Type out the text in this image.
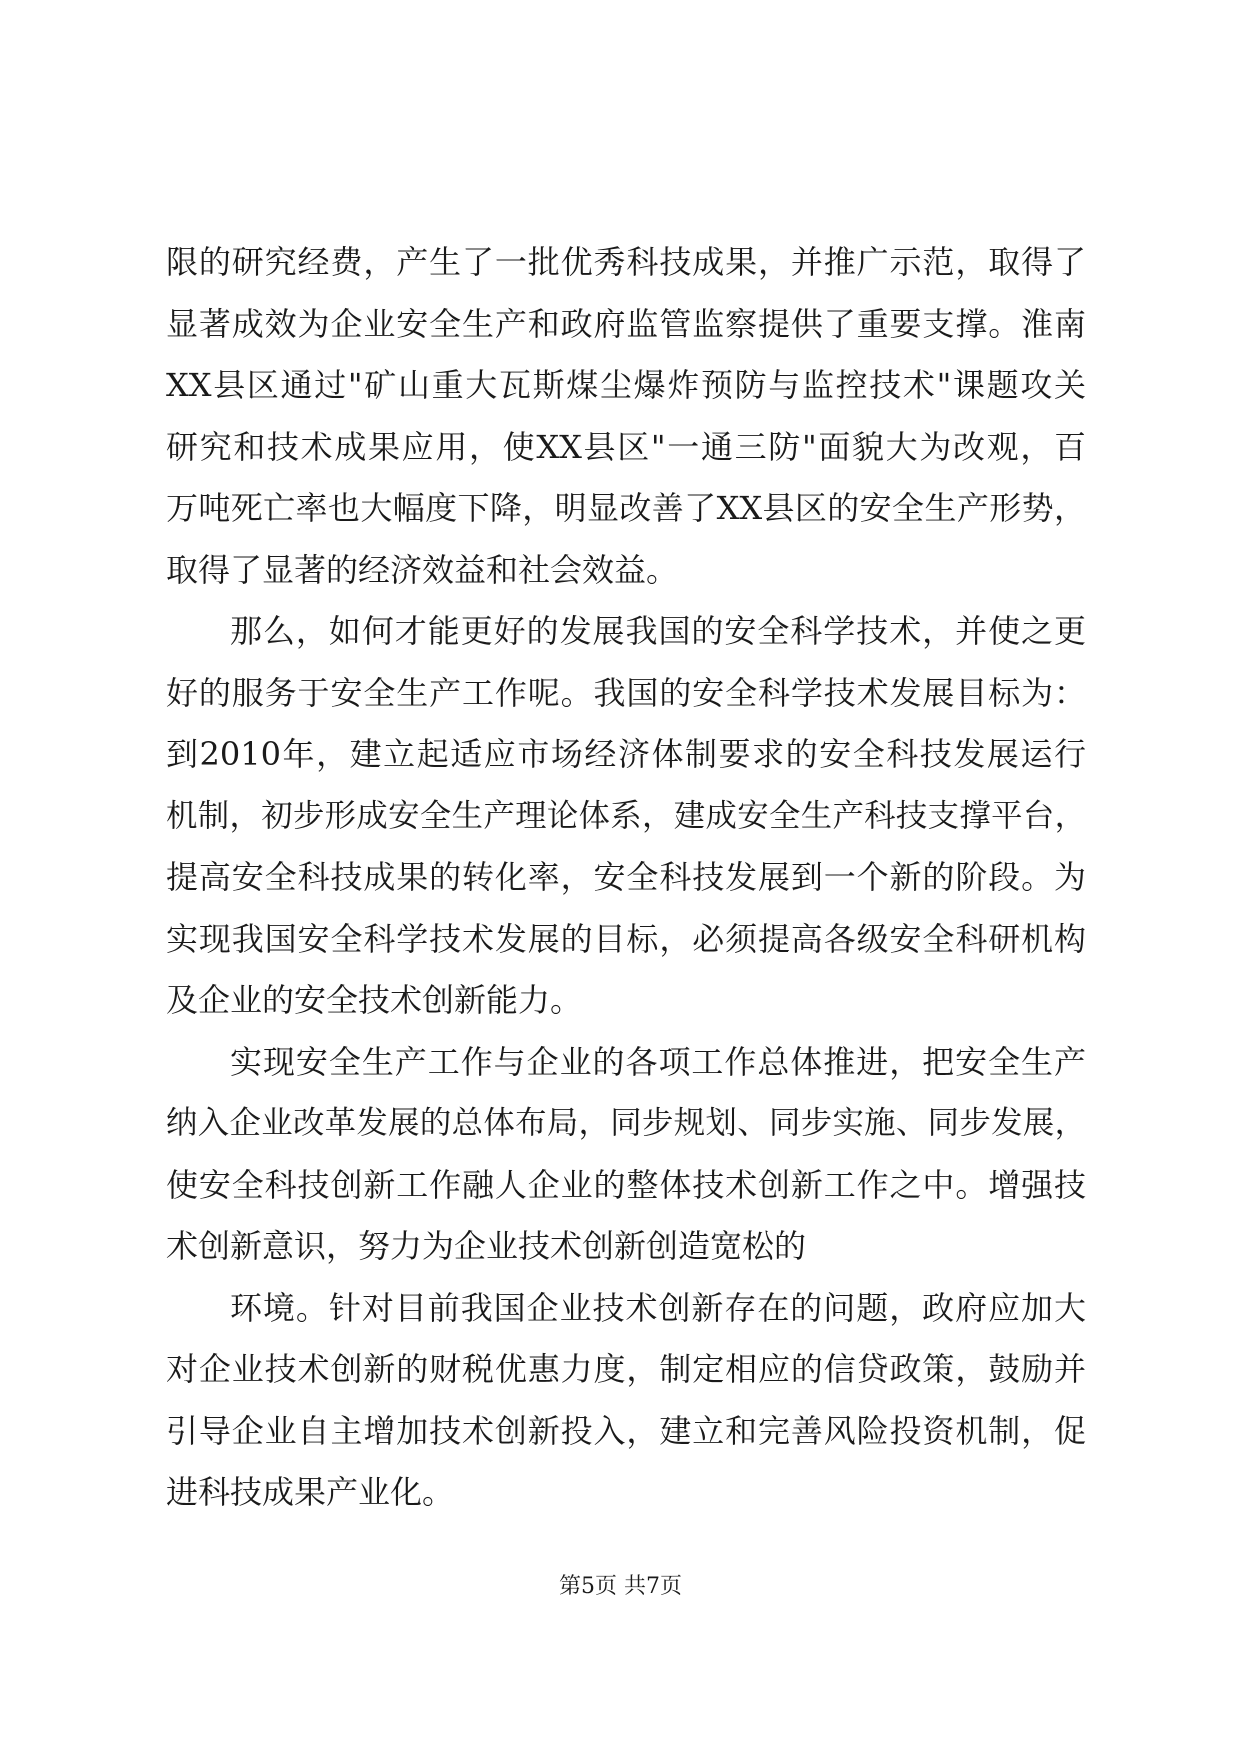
限的研究经费，产生了一批优秀科技成果，并推广示范，取得了
显著成效为企业安全生产和政府监管监察提供了重要支撑。淮南
XX县区通过"矿山重大瓦斯煤尘爆炸预防与监控技术"课题攻关
研究和技术成果应用，使XX县区"一通三防"面貌大为改观，百
万吨死亡率也大幅度下降，明显改善了XX县区的安全生产形势，
取得了显著的经济效益和社会效益。
那么，如何才能更好的发展我国的安全科学技术，并使之更
好的服务于安全生产工作呢。我国的安全科学技术发展目标为：
到2010年，建立起适应市场经济体制要求的安全科技发展运行
机制，初步形成安全生产理论体系，建成安全生产科技支撑平台，
提高安全科技成果的转化率，安全科技发展到一个新的阶段。为
实现我国安全科学技术发展的目标，必须提高各级安全科研机构
及企业的安全技术创新能力。
实现安全生产工作与企业的各项工作总体推进，把安全生产
纳入企业改革发展的总体布局，同步规划、同步实施、同步发展，
使安全科技创新工作融人企业的整体技术创新工作之中。增强技
术创新意识，努力为企业技术创新创造宽松的
环境。针对目前我国企业技术创新存在的问题，政府应加大
对企业技术创新的财税优惠力度，制定相应的信贷政策，鼓励并
引导企业自主增加技术创新投入，建立和完善风险投资机制，促
进科技成果产业化。
第5页 共7页
